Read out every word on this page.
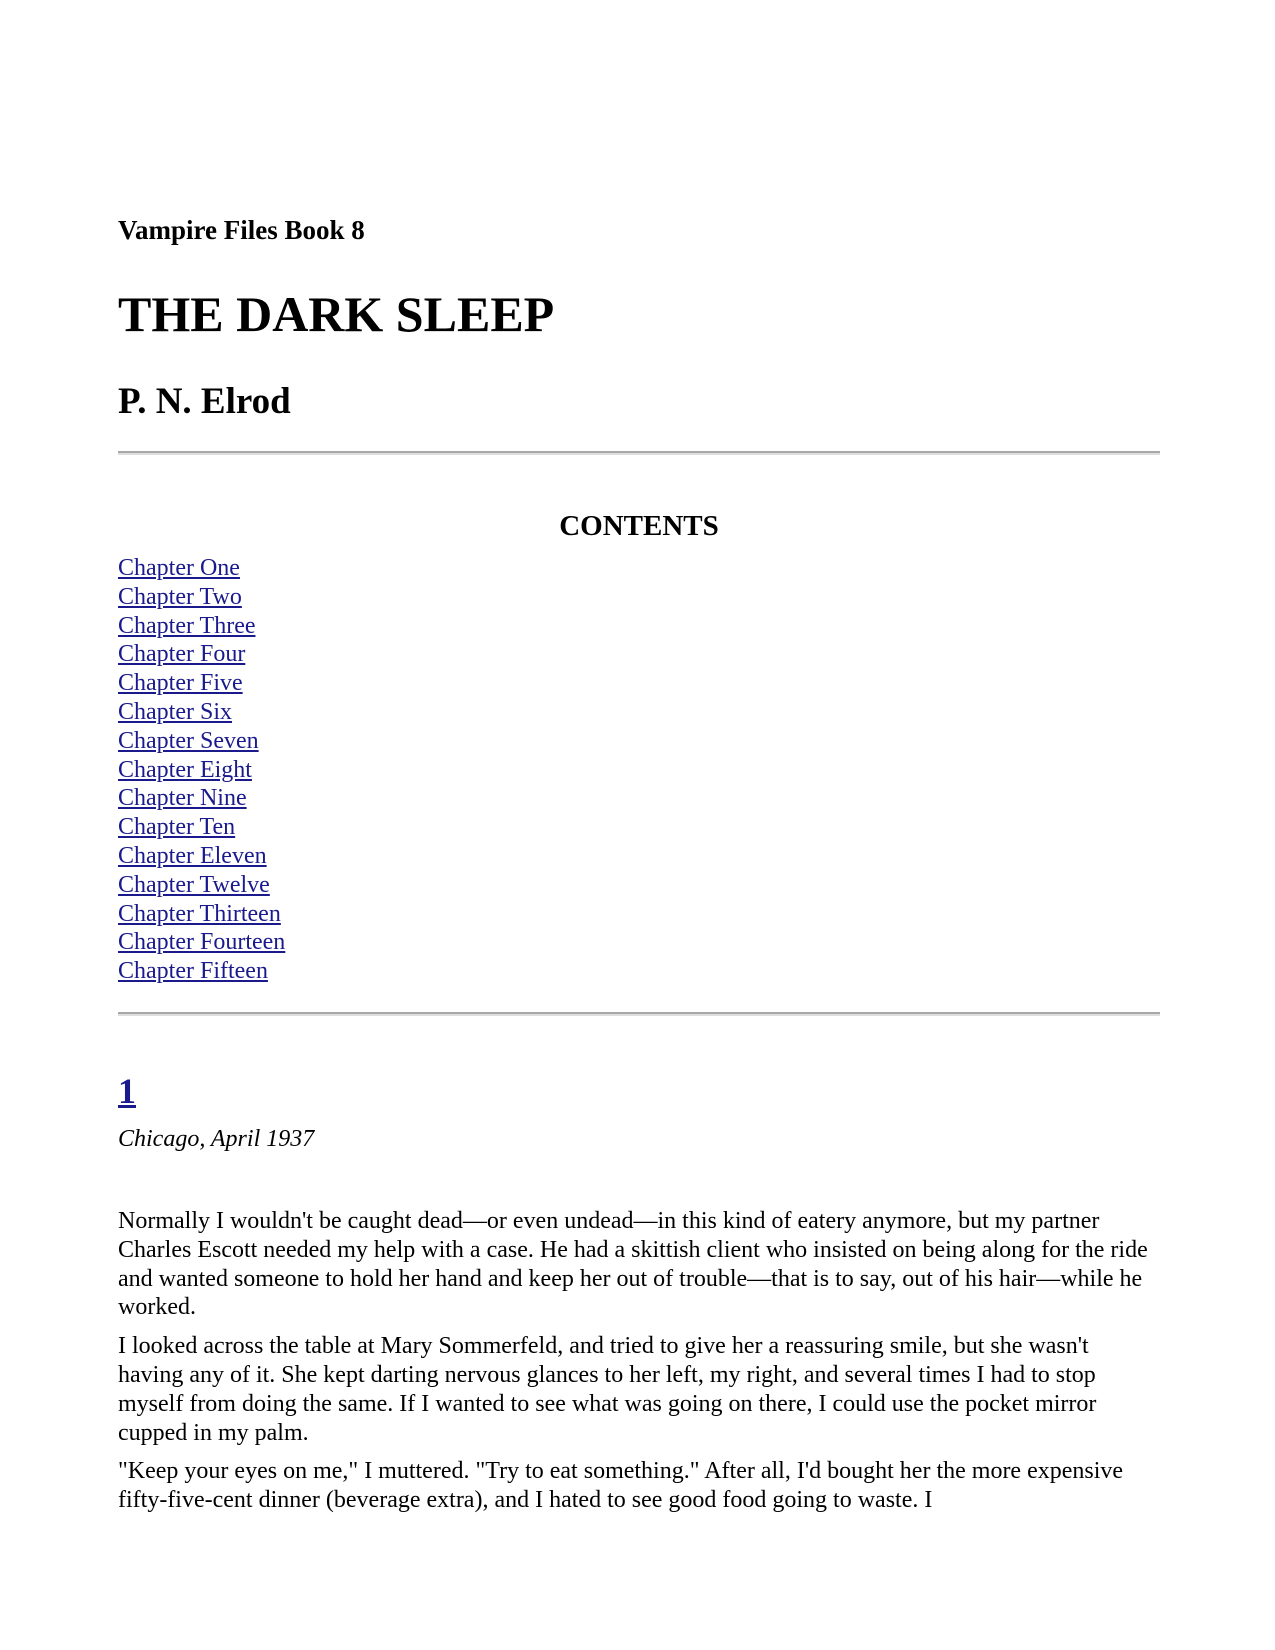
Vampire Files Book 8
THE DARK SLEEP
P. N. Elrod
CONTENTS
Chapter One
Chapter Two
Chapter Three
Chapter Four
Chapter Five
Chapter Six
Chapter Seven
Chapter Eight
Chapter Nine
Chapter Ten
Chapter Eleven
Chapter Twelve
Chapter Thirteen
Chapter Fourteen
Chapter Fifteen
1

Chicago, April 1937

Normally I wouldn't be caught dead—or even undead—in this kind of eatery anymore, but my partner Charles Escott needed my help with a case. He had a skittish client who insisted on being along for the ride and wanted someone to hold her hand and keep her out of trouble—that is to say, out of his hair—while he worked.

I looked across the table at Mary Sommerfeld, and tried to give her a reassuring smile, but she wasn't having any of it. She kept darting nervous glances to her left, my right, and several times I had to stop myself from doing the same. If I wanted to see what was going on there, I could use the pocket mirror cupped in my palm.

"Keep your eyes on me," I muttered. "Try to eat something." After all, I'd bought her the more expensive fifty-five-cent dinner (beverage extra), and I hated to see good food going to waste. I
